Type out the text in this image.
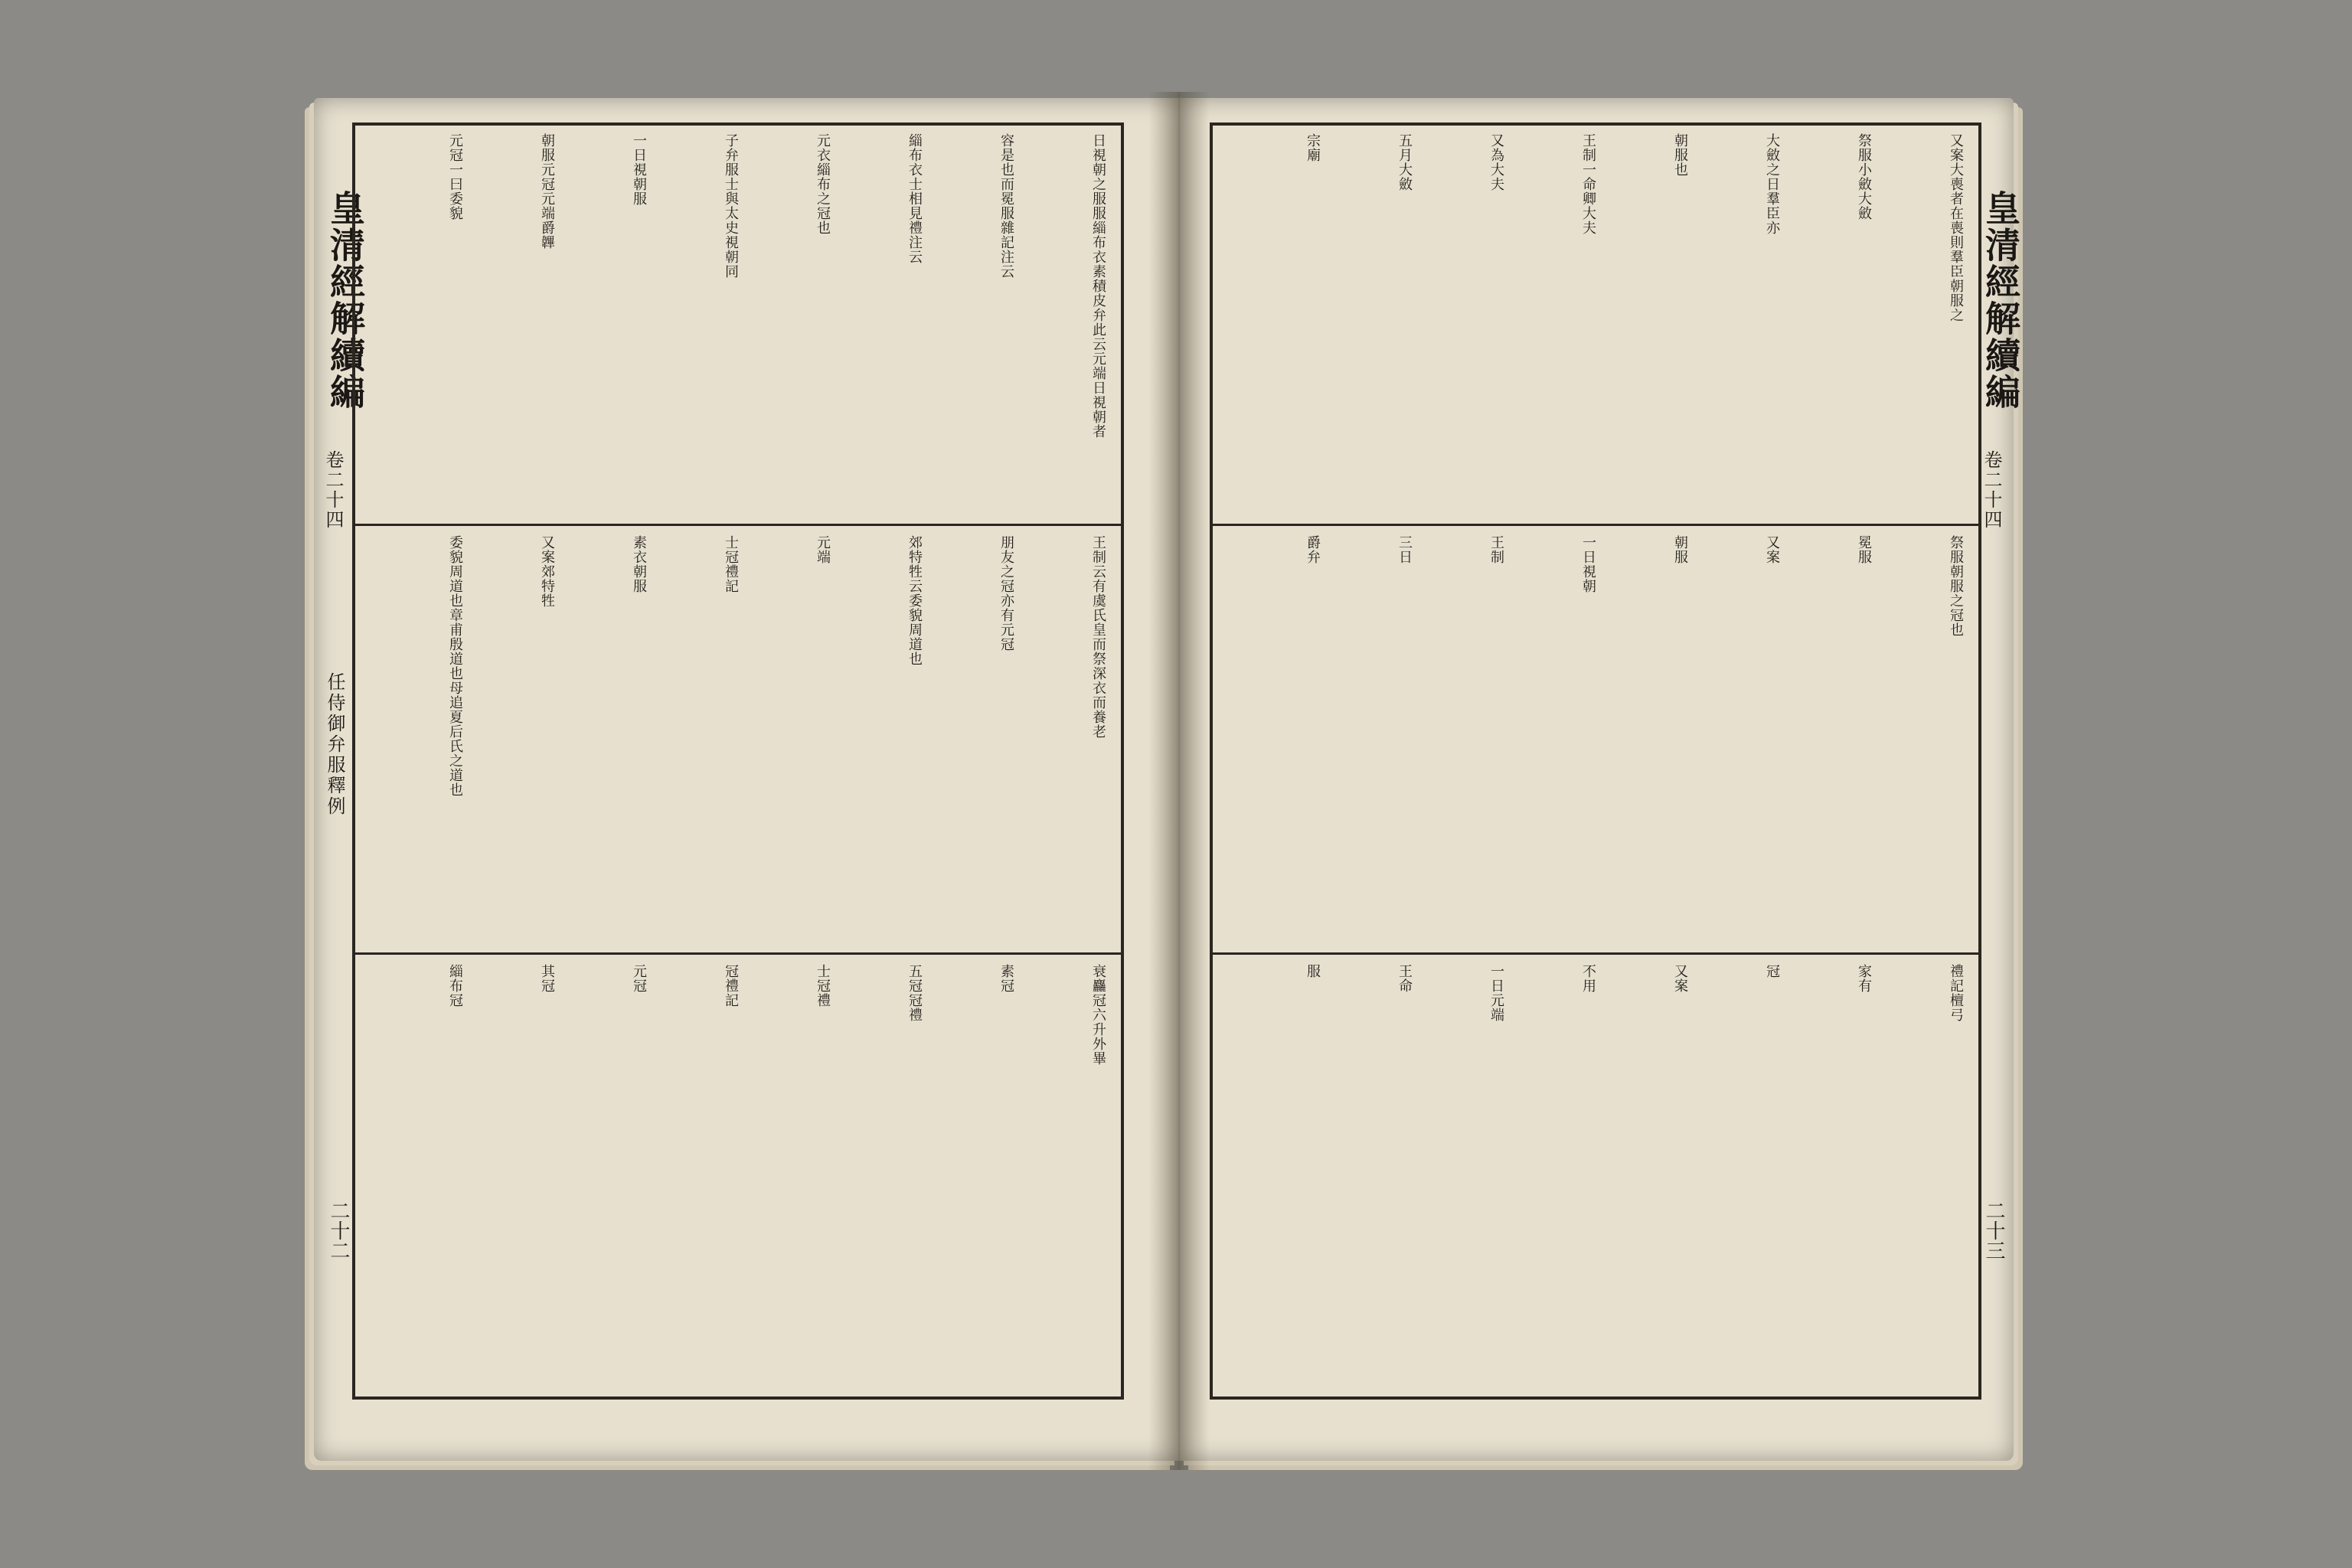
皇清經解續編
卷二十四
任侍御弁服釋例
二十二
日視朝之服服緇布衣素積皮弁此云元端日視朝者
容是也而冕服雜記注云
緇布衣士相見禮注云
元衣緇布之冠也
子弁服士與太史視朝同
一日視朝服
朝服元冠元端爵韠
元冠一曰委貌
王制云有虞氏皇而祭深衣而養老
朋友之冠亦有元冠
郊特牲云委貌周道也
元端
士冠禮記
素衣朝服
又案郊特牲
委貌周道也章甫殷道也母追夏后氏之道也
衰麤冠六升外畢
素冠
五冠冠禮
士冠禮
冠禮記
元冠
其冠
緇布冠
皇清經解續編
卷二十四
二十三
又案大喪者在喪則羣臣朝服之
祭服小斂大斂
大斂之日羣臣亦
朝服也
王制一命卿大夫
又為大夫
五月大斂
宗廟
祭服朝服之冠也
冕服
又案
朝服
一日視朝
王制
三日
爵弁
禮記檀弓
家有
冠
又案
不用
一日元端
王命
服
